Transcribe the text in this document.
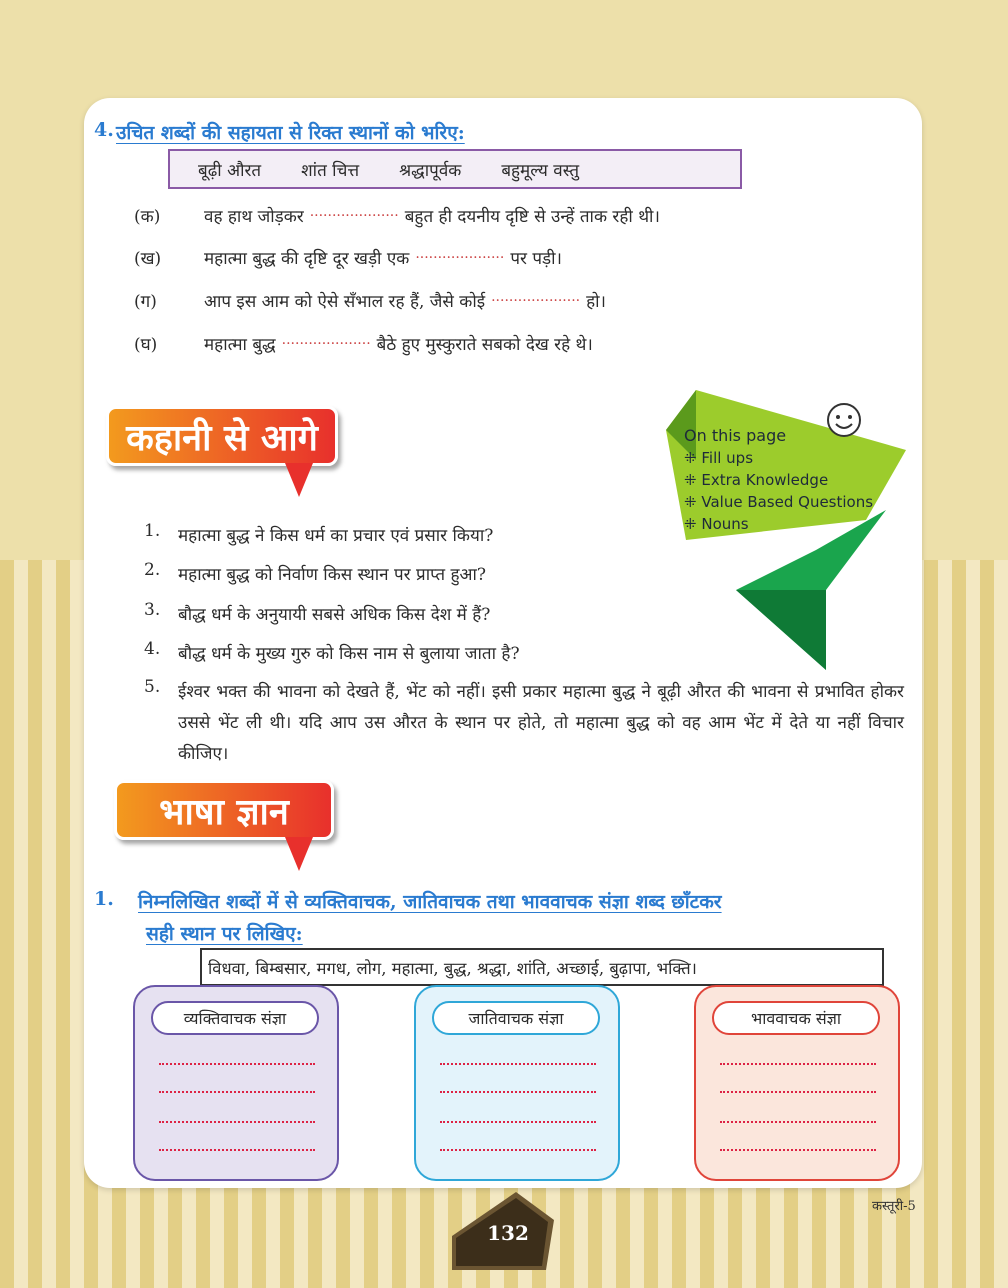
4. उचित शब्दों की सहायता से रिक्त स्थानों को भरिए:
बूढ़ी औरत शांत चित्त श्रद्धापूर्वक बहुमूल्य वस्तु
(क)	वह हाथ जोड़कर .................... बहुत ही दयनीय दृष्टि से उन्हें ताक रही थी।
(ख)	महात्मा बुद्ध की दृष्टि दूर खड़ी एक .................... पर पड़ी।
(ग)	आप इस आम को ऐसे सँभाल रह हैं, जैसे कोई .................... हो।
(घ)	महात्मा बुद्ध .................... बैठे हुए मुस्कुराते सबको देख रहे थे।
कहानी से आगे	On this page
⁜ Fill ups
⁜ Extra Knowledge
⁜ Value Based Questions
⁜ Nouns
1.	महात्मा बुद्ध ने किस धर्म का प्रचार एवं प्रसार किया?
2.	महात्मा बुद्ध को निर्वाण किस स्थान पर प्राप्त हुआ?
3.	बौद्ध धर्म के अनुयायी सबसे अधिक किस देश में हैं?
4.	बौद्ध धर्म के मुख्य गुरु को किस नाम से बुलाया जाता है?
5.	ईश्वर भक्त की भावना को देखते हैं, भेंट को नहीं। इसी प्रकार महात्मा बुद्ध ने बूढ़ी औरत की भावना से प्रभावित होकर उससे भेंट ली थी। यदि आप उस औरत के स्थान पर होते, तो महात्मा बुद्ध को वह आम भेंट में देते या नहीं विचार कीजिए।
भाषा ज्ञान
1. निम्नलिखित शब्दों में से व्यक्तिवाचक, जातिवाचक तथा भाववाचक संज्ञा शब्द छाँटकर
सही स्थान पर लिखिए:
विधवा, बिम्बसार, मगध, लोग, महात्मा, बुद्ध, श्रद्धा, शांति, अच्छाई, बुढ़ापा, भक्ति।
व्यक्तिवाचक संज्ञा	जातिवाचक संज्ञा	भाववाचक संज्ञा
132
कस्तूरी-5
